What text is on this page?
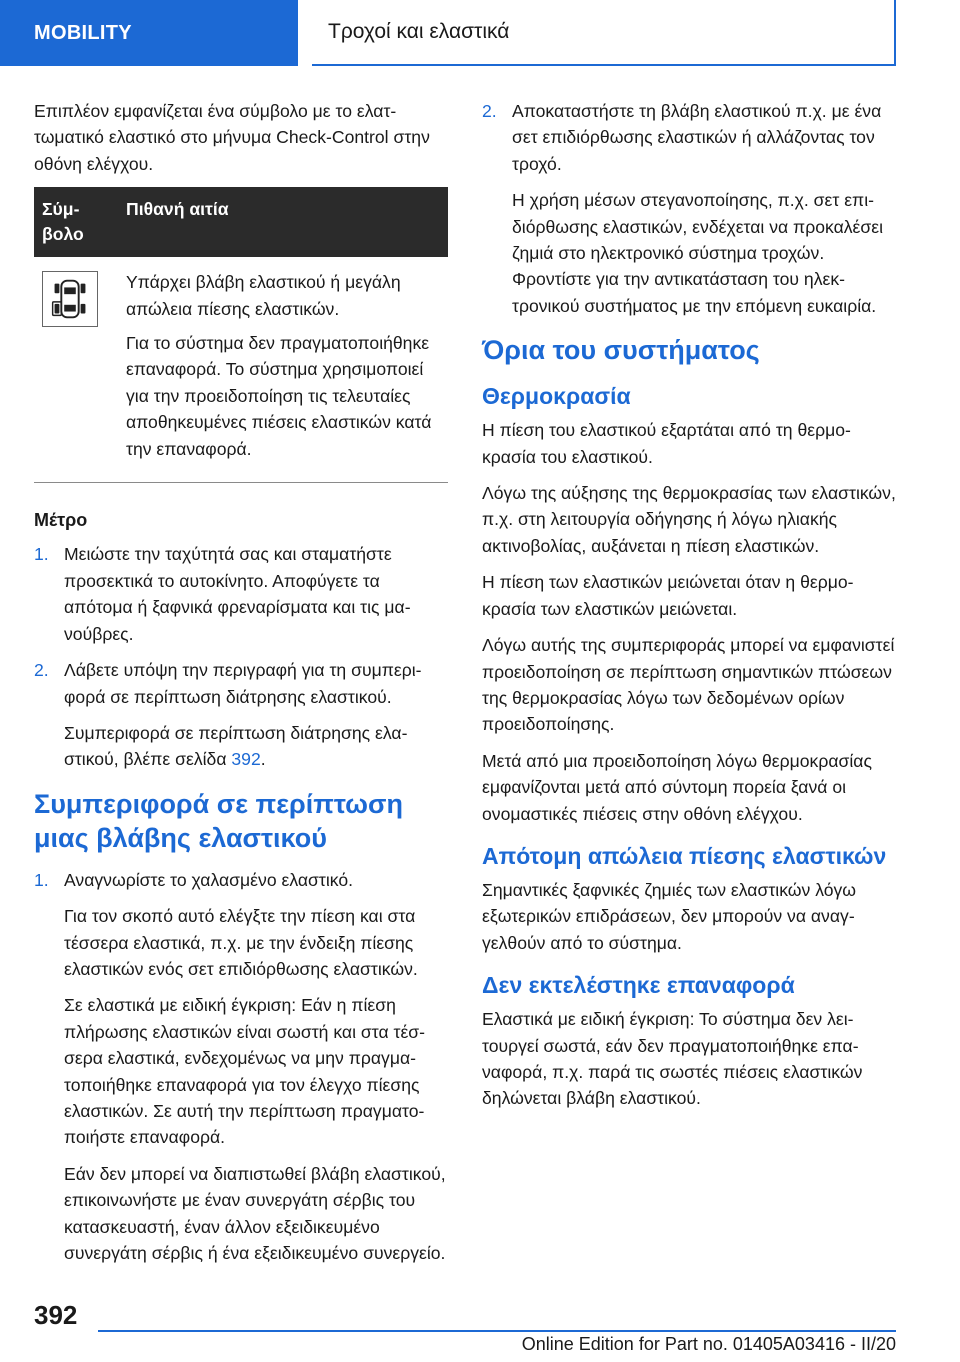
MOBILITY	Τροχοί και ελαστικά

Επιπλέον εμφανίζεται ένα σύμβολο με το ελαττωματικό ελαστικό στο μήνυμα Check-Control στην οθόνη ελέγχου.

Σύμβολο	Πιθανή αιτία

Υπάρχει βλάβη ελαστικού ή μεγάλη απώλεια πίεσης ελαστικών.

Για το σύστημα δεν πραγματοποιήθηκε επαναφορά. Το σύστημα χρησιμοποιεί για την προειδοποίηση τις τελευταίες αποθηκευμένες πιέσεις ελαστικών κατά την επαναφορά.

Μέτρο
1. Μειώστε την ταχύτητά σας και σταματήστε προσεκτικά το αυτοκίνητο. Αποφύγετε τα απότομα ή ξαφνικά φρεναρίσματα και τις μανούβρες.
2. Λάβετε υπόψη την περιγραφή για τη συμπεριφορά σε περίπτωση διάτρησης ελαστικού.

Συμπεριφορά σε περίπτωση διάτρησης ελαστικού, βλέπε σελίδα 392.

Συμπεριφορά σε περίπτωση μιας βλάβης ελαστικού
1. Αναγνωρίστε το χαλασμένο ελαστικό.

Για τον σκοπό αυτό ελέγξτε την πίεση και στα τέσσερα ελαστικά, π.χ. με την ένδειξη πίεσης ελαστικών ενός σετ επιδιόρθωσης ελαστικών.

Σε ελαστικά με ειδική έγκριση: Εάν η πίεση πλήρωσης ελαστικών είναι σωστή και στα τέσσερα ελαστικά, ενδεχομένως να μην πραγματοποιήθηκε επαναφορά για τον έλεγχο πίεσης ελαστικών. Σε αυτή την περίπτωση πραγματοποιήστε επαναφορά.

Εάν δεν μπορεί να διαπιστωθεί βλάβη ελαστικού, επικοινωνήστε με έναν συνεργάτη σέρβις του κατασκευαστή, έναν άλλον εξειδικευμένο συνεργάτη σέρβις ή ένα εξειδικευμένο συνεργείο.

2. Αποκαταστήστε τη βλάβη ελαστικού π.χ. με ένα σετ επιδιόρθωσης ελαστικών ή αλλάζοντας τον τροχό.

Η χρήση μέσων στεγανοποίησης, π.χ. σετ επιδιόρθωσης ελαστικών, ενδέχεται να προκαλέσει ζημιά στο ηλεκτρονικό σύστημα τροχών. Φροντίστε για την αντικατάσταση του ηλεκτρονικού συστήματος με την επόμενη ευκαιρία.

Όρια του συστήματος
Θερμοκρασία

Η πίεση του ελαστικού εξαρτάται από τη θερμοκρασία του ελαστικού.

Λόγω της αύξησης της θερμοκρασίας των ελαστικών, π.χ. στη λειτουργία οδήγησης ή λόγω ηλιακής ακτινοβολίας, αυξάνεται η πίεση ελαστικών.

Η πίεση των ελαστικών μειώνεται όταν η θερμοκρασία των ελαστικών μειώνεται.

Λόγω αυτής της συμπεριφοράς μπορεί να εμφανιστεί προειδοποίηση σε περίπτωση σημαντικών πτώσεων της θερμοκρασίας λόγω των δεδομένων ορίων προειδοποίησης.

Μετά από μια προειδοποίηση λόγω θερμοκρασίας εμφανίζονται μετά από σύντομη πορεία ξανά οι ονομαστικές πιέσεις στην οθόνη ελέγχου.

Απότομη απώλεια πίεσης ελαστικών

Σημαντικές ξαφνικές ζημιές των ελαστικών λόγω εξωτερικών επιδράσεων, δεν μπορούν να αναγγελθούν από το σύστημα.

Δεν εκτελέστηκε επαναφορά

Ελαστικά με ειδική έγκριση: Το σύστημα δεν λειτουργεί σωστά, εάν δεν πραγματοποιήθηκε επαναφορά, π.χ. παρά τις σωστές πιέσεις ελαστικών δηλώνεται βλάβη ελαστικού.

392
Online Edition for Part no. 01405A03416 - II/20
